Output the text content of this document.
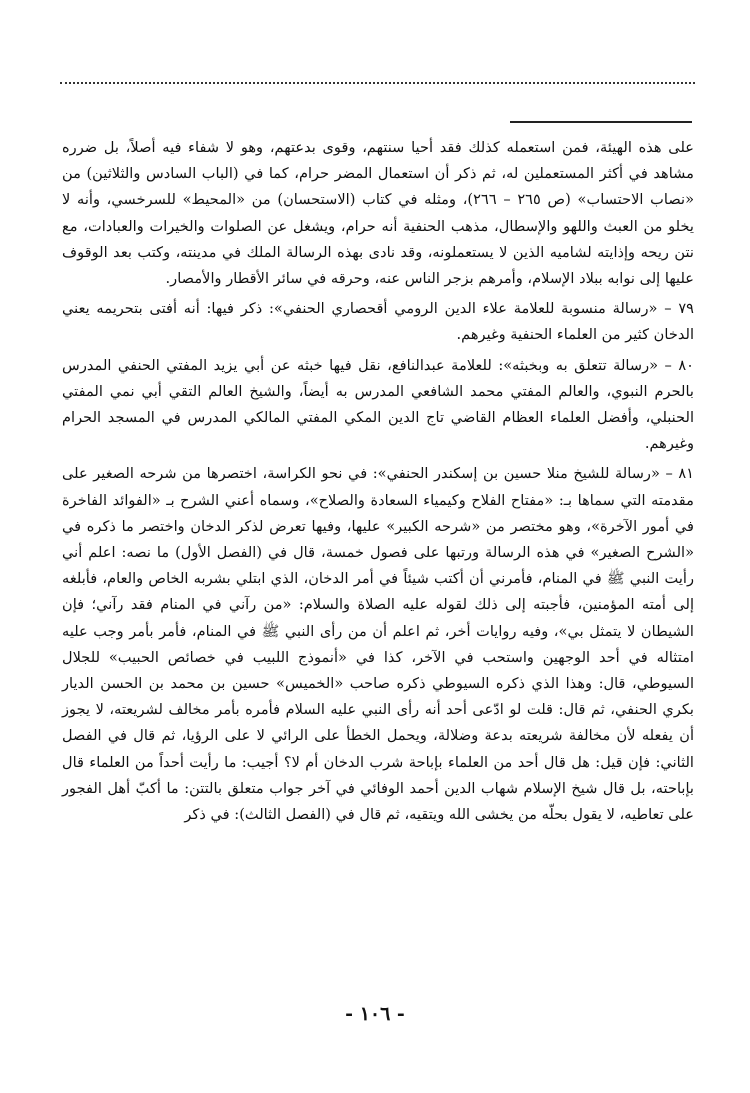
على هذه الهيئة، فمن استعمله كذلك فقد أحيا سنتهم، وقوى بدعتهم، وهو لا شفاء فيه أصلاً، بل ضرره مشاهد في أكثر المستعملين له، ثم ذكر أن استعمال المضر حرام، كما في (الباب السادس والثلاثين) من «نصاب الاحتساب» (ص ٢٦٥ – ٢٦٦)، ومثله في كتاب (الاستحسان) من «المحيط» للسرخسي، وأنه لا يخلو من العبث واللهو والإسطال، مذهب الحنفية أنه حرام، ويشغل عن الصلوات والخيرات والعبادات، مع نتن ريحه وإذايته لشاميه الذين لا يستعملونه، وقد نادى بهذه الرسالة الملك في مدينته، وكتب بعد الوقوف عليها إلى نوابه ببلاد الإسلام، وأمرهم بزجر الناس عنه، وحرقه في سائر الأقطار والأمصار.

٧٩ – «رسالة منسوبة للعلامة علاء الدين الرومي أقحصاري الحنفي»: ذكر فيها: أنه أفتى بتحريمه يعني الدخان كثير من العلماء الحنفية وغيرهم.

٨٠ – «رسالة تتعلق به وبخبثه»: للعلامة عبدالنافع، نقل فيها خبثه عن أبي يزيد المفتي الحنفي المدرس بالحرم النبوي، والعالم المفتي محمد الشافعي المدرس به أيضاً، والشيخ العالم التقي أبي نمي المفتي الحنبلي، وأفضل العلماء العظام القاضي تاج الدين المكي المفتي المالكي المدرس في المسجد الحرام وغيرهم.

٨١ – «رسالة للشيخ منلا حسين بن إسكندر الحنفي»: في نحو الكراسة، اختصرها من شرحه الصغير على مقدمته التي سماها بـ: «مفتاح الفلاح وكيمياء السعادة والصلاح»، وسماه أعني الشرح بـ «الفوائد الفاخرة في أمور الآخرة»، وهو مختصر من «شرحه الكبير» عليها، وفيها تعرض لذكر الدخان واختصر ما ذكره في «الشرح الصغير» في هذه الرسالة ورتبها على فصول خمسة، قال في (الفصل الأول) ما نصه: اعلم أني رأيت النبي ﷺ في المنام، فأمرني أن أكتب شيئاً في أمر الدخان، الذي ابتلي بشربه الخاص والعام، فأبلغه إلى أمته المؤمنين، فأجبته إلى ذلك لقوله عليه الصلاة والسلام: «من رآني في المنام فقد رآني؛ فإن الشيطان لا يتمثل بي»، وفيه روايات أخر، ثم اعلم أن من رأى النبي ﷺ في المنام، فأمر بأمر وجب عليه امتثاله في أحد الوجهين واستحب في الآخر، كذا في «أنموذج اللبيب في خصائص الحبيب» للجلال السيوطي، قال: وهذا الذي ذكره السيوطي ذكره صاحب «الخميس» حسين بن محمد بن الحسن الديار بكري الحنفي، ثم قال: قلت لو ادّعى أحد أنه رأى النبي عليه السلام فأمره بأمر مخالف لشريعته، لا يجوز أن يفعله لأن مخالفة شريعته بدعة وضلالة، ويحمل الخطأ على الرائي لا على الرؤيا، ثم قال في الفصل الثاني: فإن قيل: هل قال أحد من العلماء بإباحة شرب الدخان أم لا؟ أجيب: ما رأيت أحداً من العلماء قال بإباحته، بل قال شيخ الإسلام شهاب الدين أحمد الوفائي في آخر جواب متعلق بالتتن: ما أكبّ أهل الفجور على تعاطيه، لا يقول بحلّه من يخشى الله ويتقيه، ثم قال في (الفصل الثالث): في ذكر

- ١٠٦ -
